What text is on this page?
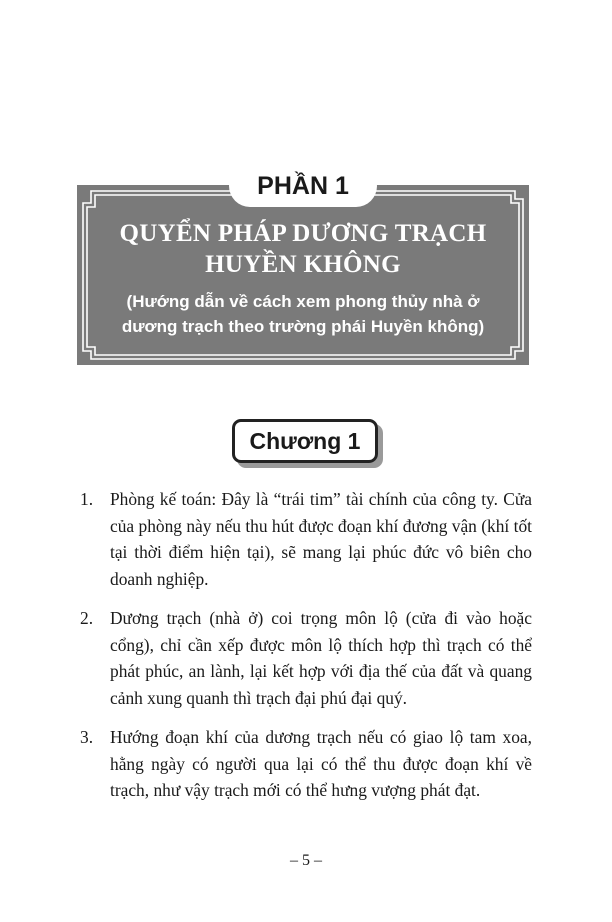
PHẦN 1
QUYỂN PHÁP DƯƠNG TRẠCH
HUYỀN KHÔNG
(Hướng dẫn về cách xem phong thủy nhà ở
dương trạch theo trường phái Huyền không)
Chương 1
1. Phòng kế toán: Đây là “trái tim” tài chính của công ty. Cửa của phòng này nếu thu hút được đoạn khí đương vận (khí tốt tại thời điểm hiện tại), sẽ mang lại phúc đức vô biên cho doanh nghiệp.
2. Dương trạch (nhà ở) coi trọng môn lộ (cửa đi vào hoặc cổng), chỉ cần xếp được môn lộ thích hợp thì trạch có thể phát phúc, an lành, lại kết hợp với địa thế của đất và quang cảnh xung quanh thì trạch đại phú đại quý.
3. Hướng đoạn khí của dương trạch nếu có giao lộ tam xoa, hằng ngày có người qua lại có thể thu được đoạn khí về trạch, như vậy trạch mới có thể hưng vượng phát đạt.
– 5 –
